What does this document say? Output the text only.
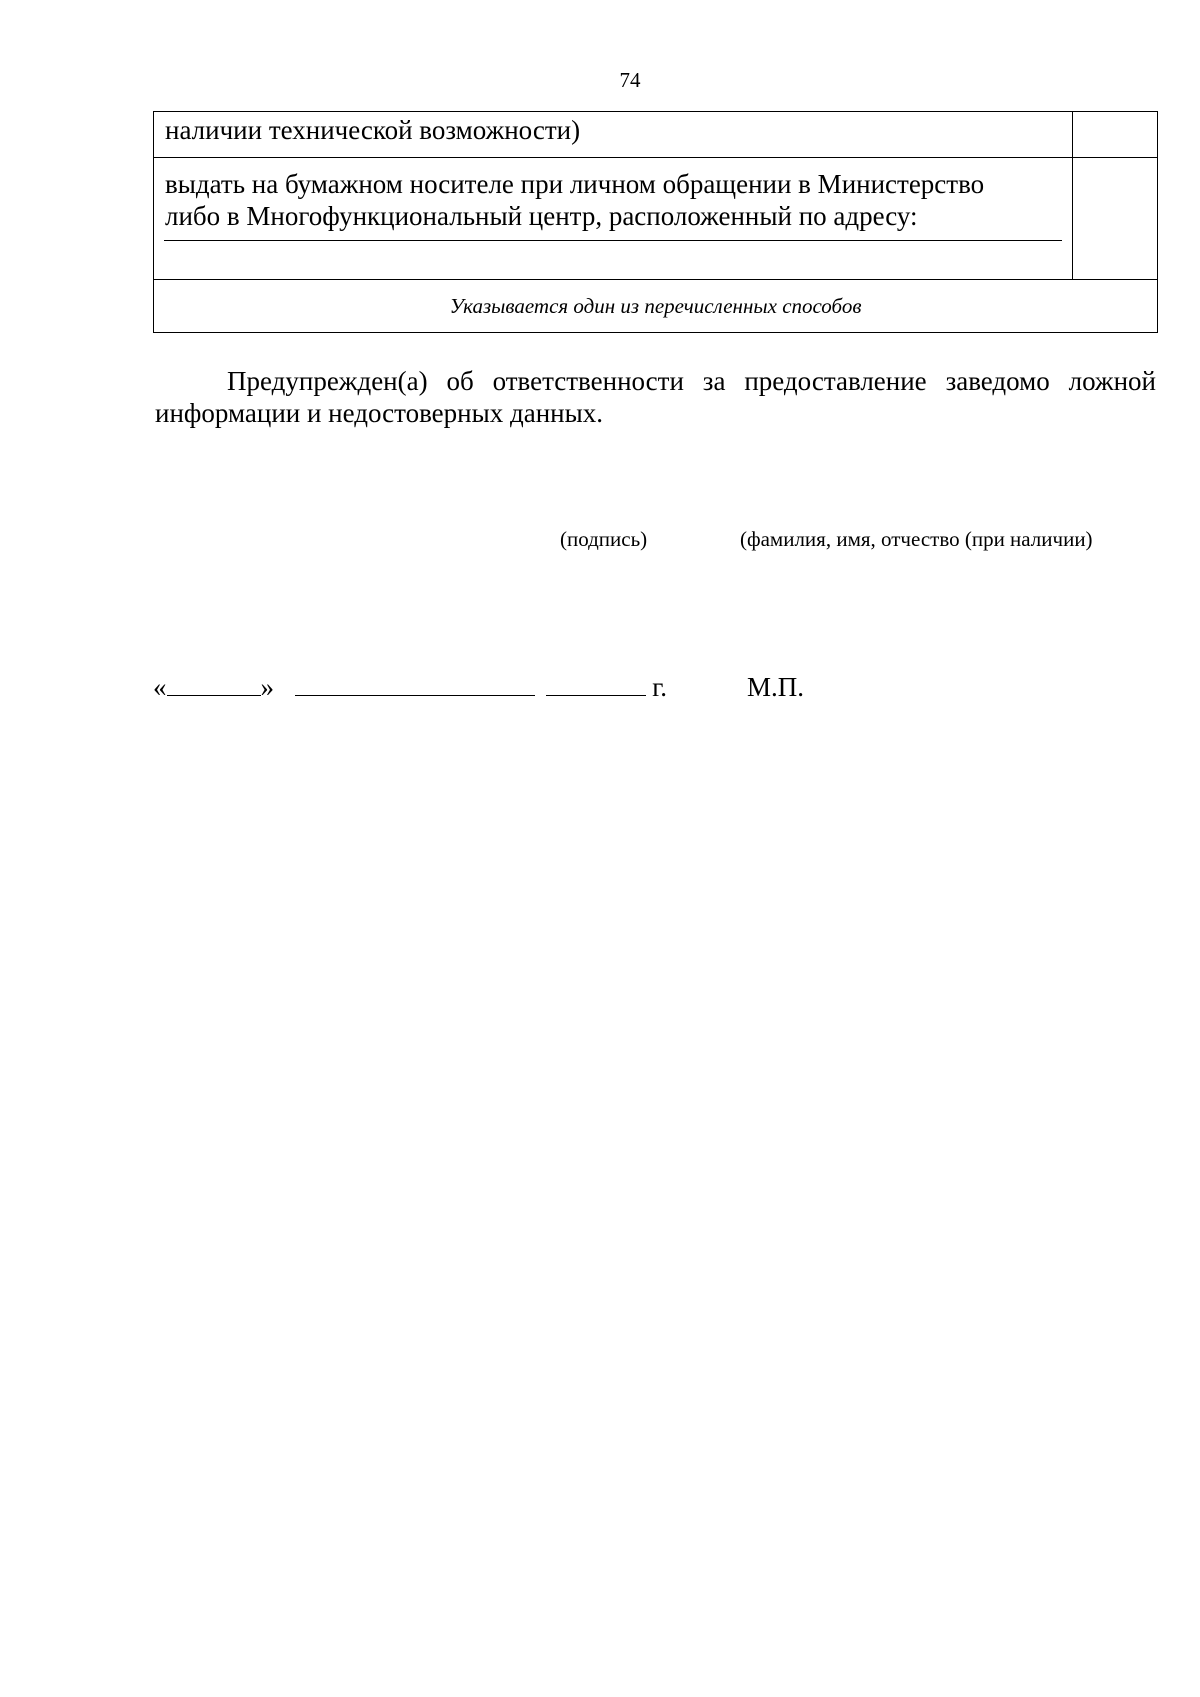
74
наличии технической возможности)	

выдать на бумажном носителе при личном обращении в Министерство
либо в Многофункциональный центр, расположенный по адресу:	

Указывается один из перечисленных способов	

Предупрежден(а) об ответственности за предоставление заведомо ложной информации и недостоверных данных.

(подпись)	(фамилия, имя, отчество (при наличии)
«	»	г.	М.П.
